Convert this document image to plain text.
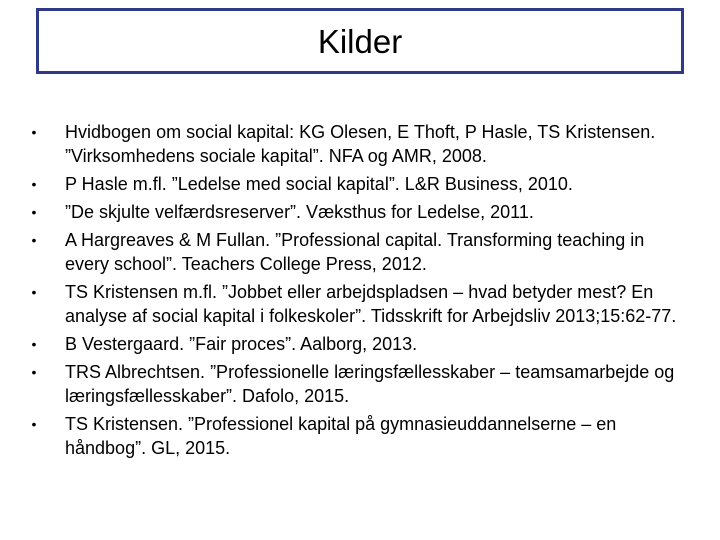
Kilder
• Hvidbogen om social kapital: KG Olesen, E Thoft, P Hasle, TS Kristensen. ”Virksomhedens sociale kapital”. NFA og AMR, 2008.
• P Hasle m.fl. ”Ledelse med social kapital”. L&R Business, 2010.
• ”De skjulte velfærdsreserver”. Væksthus for Ledelse, 2011.
• A Hargreaves & M Fullan. ”Professional capital. Transforming teaching in every school”. Teachers College Press, 2012.
• TS Kristensen m.fl. ”Jobbet eller arbejdspladsen – hvad betyder mest? En analyse af social kapital i folkeskoler”. Tidsskrift for Arbejdsliv 2013;15:62-77.
• B Vestergaard. ”Fair proces”. Aalborg, 2013.
• TRS Albrechtsen. ”Professionelle læringsfællesskaber – teamsamarbejde og læringsfællesskaber”. Dafolo, 2015.
• TS Kristensen. ”Professionel kapital på gymnasieuddannelserne – en håndbog”. GL, 2015.
